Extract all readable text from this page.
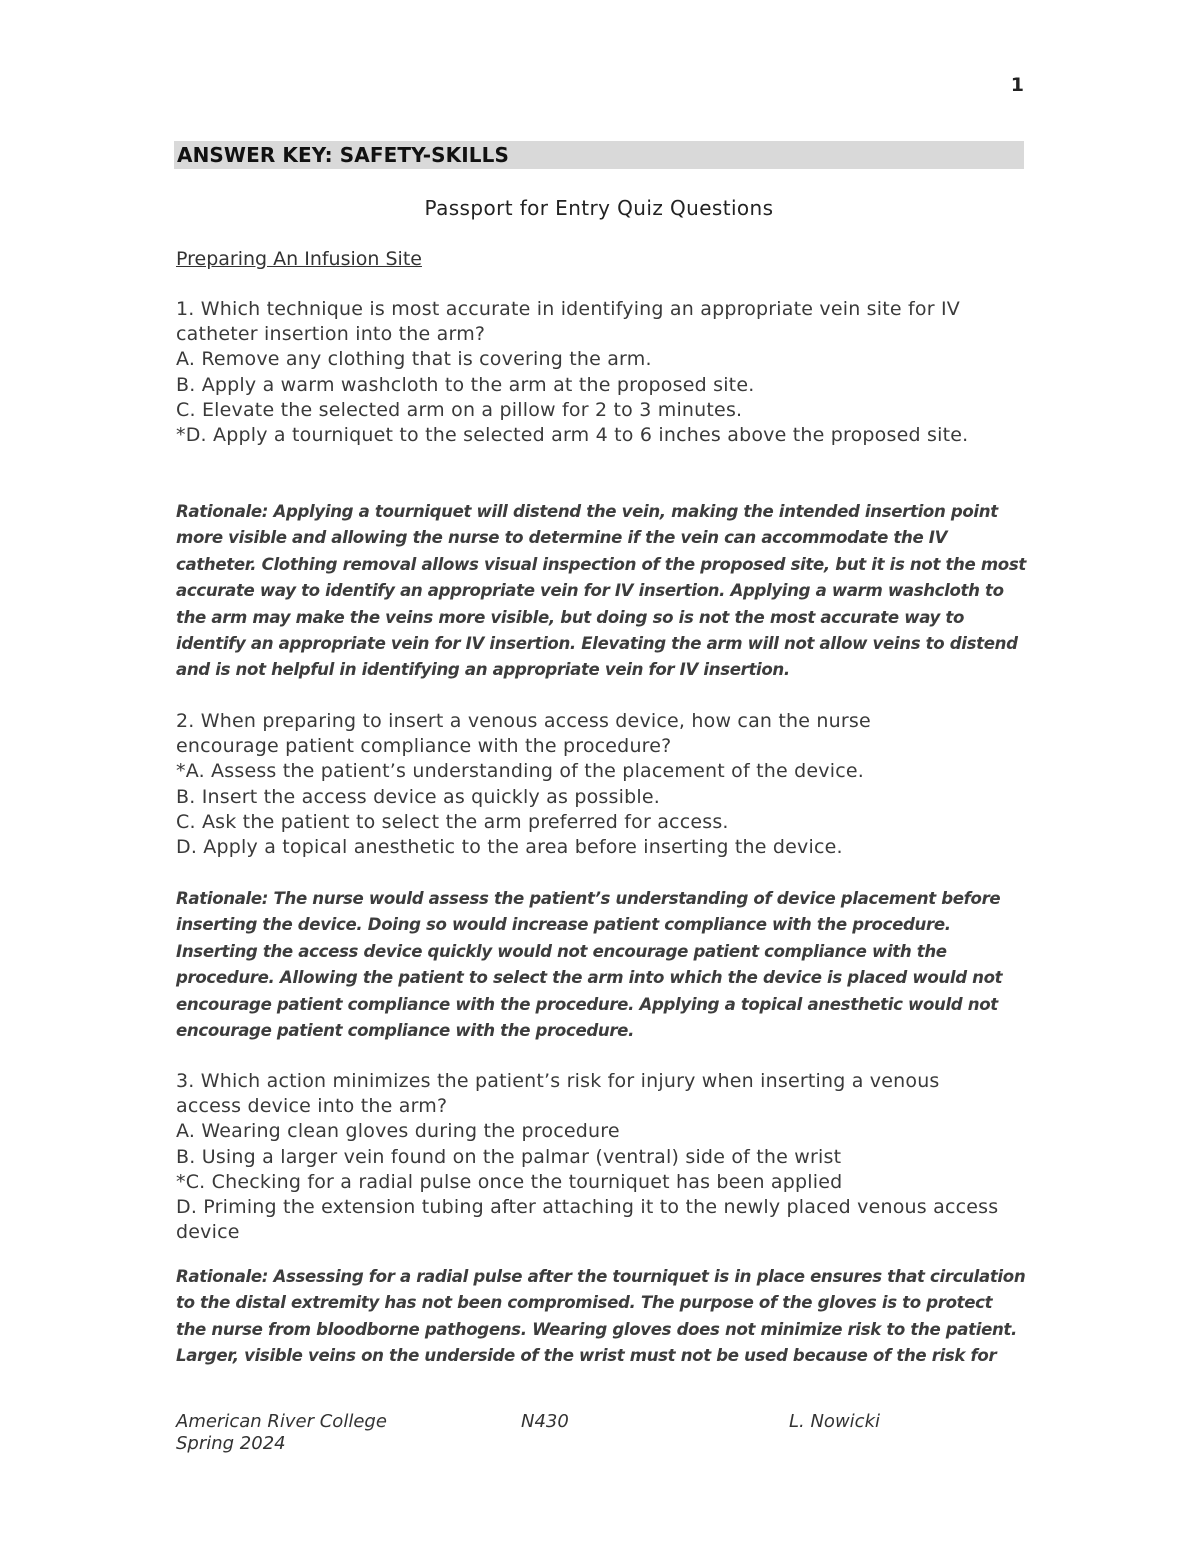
1
ANSWER KEY: SAFETY-SKILLS
Passport for Entry Quiz Questions
Preparing An Infusion Site
1. Which technique is most accurate in identifying an appropriate vein site for IV catheter insertion into the arm?
A. Remove any clothing that is covering the arm.
B. Apply a warm washcloth to the arm at the proposed site.
C. Elevate the selected arm on a pillow for 2 to 3 minutes.
*D. Apply a tourniquet to the selected arm 4 to 6 inches above the proposed site.
Rationale: Applying a tourniquet will distend the vein, making the intended insertion point more visible and allowing the nurse to determine if the vein can accommodate the IV catheter. Clothing removal allows visual inspection of the proposed site, but it is not the most accurate way to identify an appropriate vein for IV insertion. Applying a warm washcloth to the arm may make the veins more visible, but doing so is not the most accurate way to identify an appropriate vein for IV insertion. Elevating the arm will not allow veins to distend and is not helpful in identifying an appropriate vein for IV insertion.
2. When preparing to insert a venous access device, how can the nurse encourage patient compliance with the procedure?
*A. Assess the patient’s understanding of the placement of the device.
B. Insert the access device as quickly as possible.
C. Ask the patient to select the arm preferred for access.
D. Apply a topical anesthetic to the area before inserting the device.
Rationale: The nurse would assess the patient’s understanding of device placement before inserting the device. Doing so would increase patient compliance with the procedure. Inserting the access device quickly would not encourage patient compliance with the procedure. Allowing the patient to select the arm into which the device is placed would not encourage patient compliance with the procedure. Applying a topical anesthetic would not encourage patient compliance with the procedure.
3. Which action minimizes the patient’s risk for injury when inserting a venous access device into the arm?
A. Wearing clean gloves during the procedure
B. Using a larger vein found on the palmar (ventral) side of the wrist
*C. Checking for a radial pulse once the tourniquet has been applied
D. Priming the extension tubing after attaching it to the newly placed venous access device
Rationale: Assessing for a radial pulse after the tourniquet is in place ensures that circulation to the distal extremity has not been compromised. The purpose of the gloves is to protect the nurse from bloodborne pathogens. Wearing gloves does not minimize risk to the patient. Larger, visible veins on the underside of the wrist must not be used because of the risk for
American River College	N430	L. Nowicki
Spring 2024
